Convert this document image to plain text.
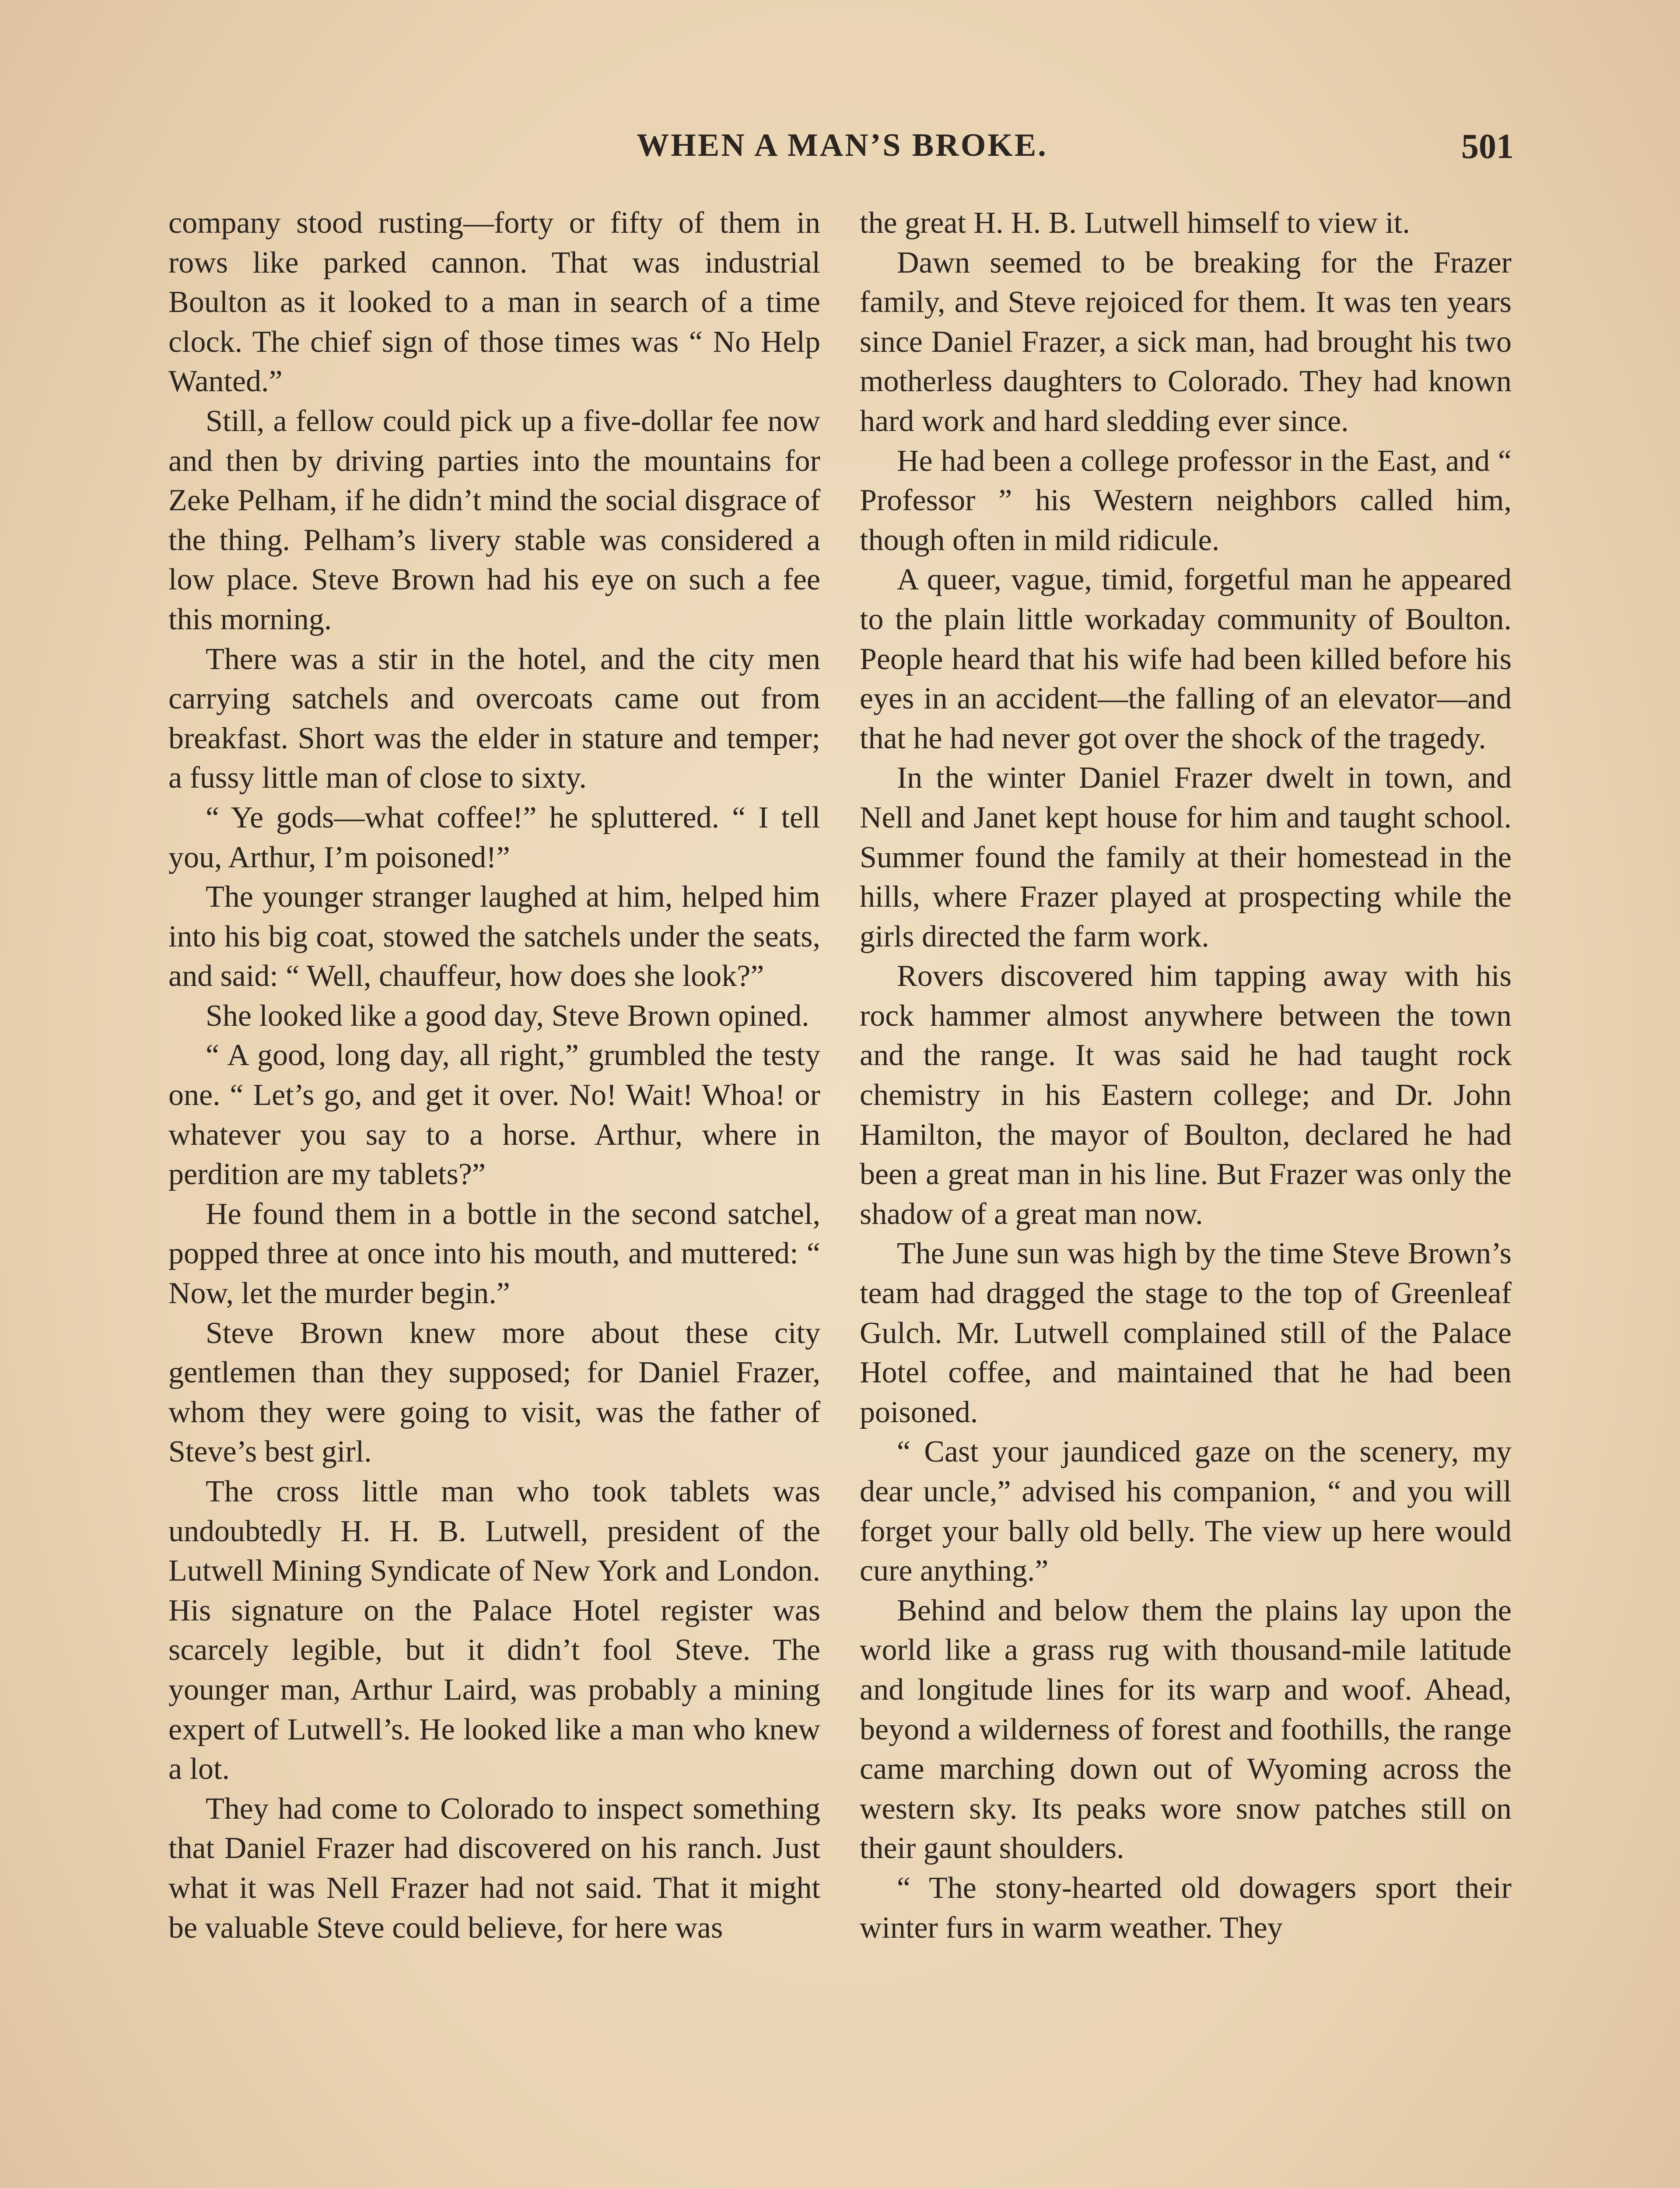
WHEN A MAN’S BROKE.	501

company stood rusting—forty or fifty of them in rows like parked cannon. That was industrial Boulton as it looked to a man in search of a time clock. The chief sign of those times was “ No Help Wanted.”

Still, a fellow could pick up a five-dollar fee now and then by driving parties into the mountains for Zeke Pelham, if he didn’t mind the social disgrace of the thing. Pelham’s livery stable was considered a low place. Steve Brown had his eye on such a fee this morning.

There was a stir in the hotel, and the city men carrying satchels and overcoats came out from breakfast. Short was the elder in stature and temper; a fussy little man of close to sixty.

“ Ye gods—what coffee!” he spluttered. “ I tell you, Arthur, I’m poisoned!”

The younger stranger laughed at him, helped him into his big coat, stowed the satchels under the seats, and said: “ Well, chauffeur, how does she look?”

She looked like a good day, Steve Brown opined.

“ A good, long day, all right,” grumbled the testy one. “ Let’s go, and get it over. No! Wait! Whoa! or whatever you say to a horse. Arthur, where in perdition are my tablets?”

He found them in a bottle in the second satchel, popped three at once into his mouth, and muttered: “ Now, let the murder begin.”

Steve Brown knew more about these city gentlemen than they supposed; for Daniel Frazer, whom they were going to visit, was the father of Steve’s best girl.

The cross little man who took tablets was undoubtedly H. H. B. Lutwell, president of the Lutwell Mining Syndicate of New York and London. His signature on the Palace Hotel register was scarcely legible, but it didn’t fool Steve. The younger man, Arthur Laird, was probably a mining expert of Lutwell’s. He looked like a man who knew a lot.

They had come to Colorado to inspect something that Daniel Frazer had discovered on his ranch. Just what it was Nell Frazer had not said. That it might be valuable Steve could believe, for here was

the great H. H. B. Lutwell himself to view it.

Dawn seemed to be breaking for the Frazer family, and Steve rejoiced for them. It was ten years since Daniel Frazer, a sick man, had brought his two motherless daughters to Colorado. They had known hard work and hard sledding ever since.

He had been a college professor in the East, and “ Professor ” his Western neighbors called him, though often in mild ridicule.

A queer, vague, timid, forgetful man he appeared to the plain little workaday community of Boulton. People heard that his wife had been killed before his eyes in an accident—the falling of an elevator—and that he had never got over the shock of the tragedy.

In the winter Daniel Frazer dwelt in town, and Nell and Janet kept house for him and taught school. Summer found the family at their homestead in the hills, where Frazer played at prospecting while the girls directed the farm work.

Rovers discovered him tapping away with his rock hammer almost anywhere between the town and the range. It was said he had taught rock chemistry in his Eastern college; and Dr. John Hamilton, the mayor of Boulton, declared he had been a great man in his line. But Frazer was only the shadow of a great man now.

The June sun was high by the time Steve Brown’s team had dragged the stage to the top of Greenleaf Gulch. Mr. Lutwell complained still of the Palace Hotel coffee, and maintained that he had been poisoned.

“ Cast your jaundiced gaze on the scenery, my dear uncle,” advised his companion, “ and you will forget your bally old belly. The view up here would cure anything.”

Behind and below them the plains lay upon the world like a grass rug with thousand-mile latitude and longitude lines for its warp and woof. Ahead, beyond a wilderness of forest and foothills, the range came marching down out of Wyoming across the western sky. Its peaks wore snow patches still on their gaunt shoulders.

“ The stony-hearted old dowagers sport their winter furs in warm weather. They
